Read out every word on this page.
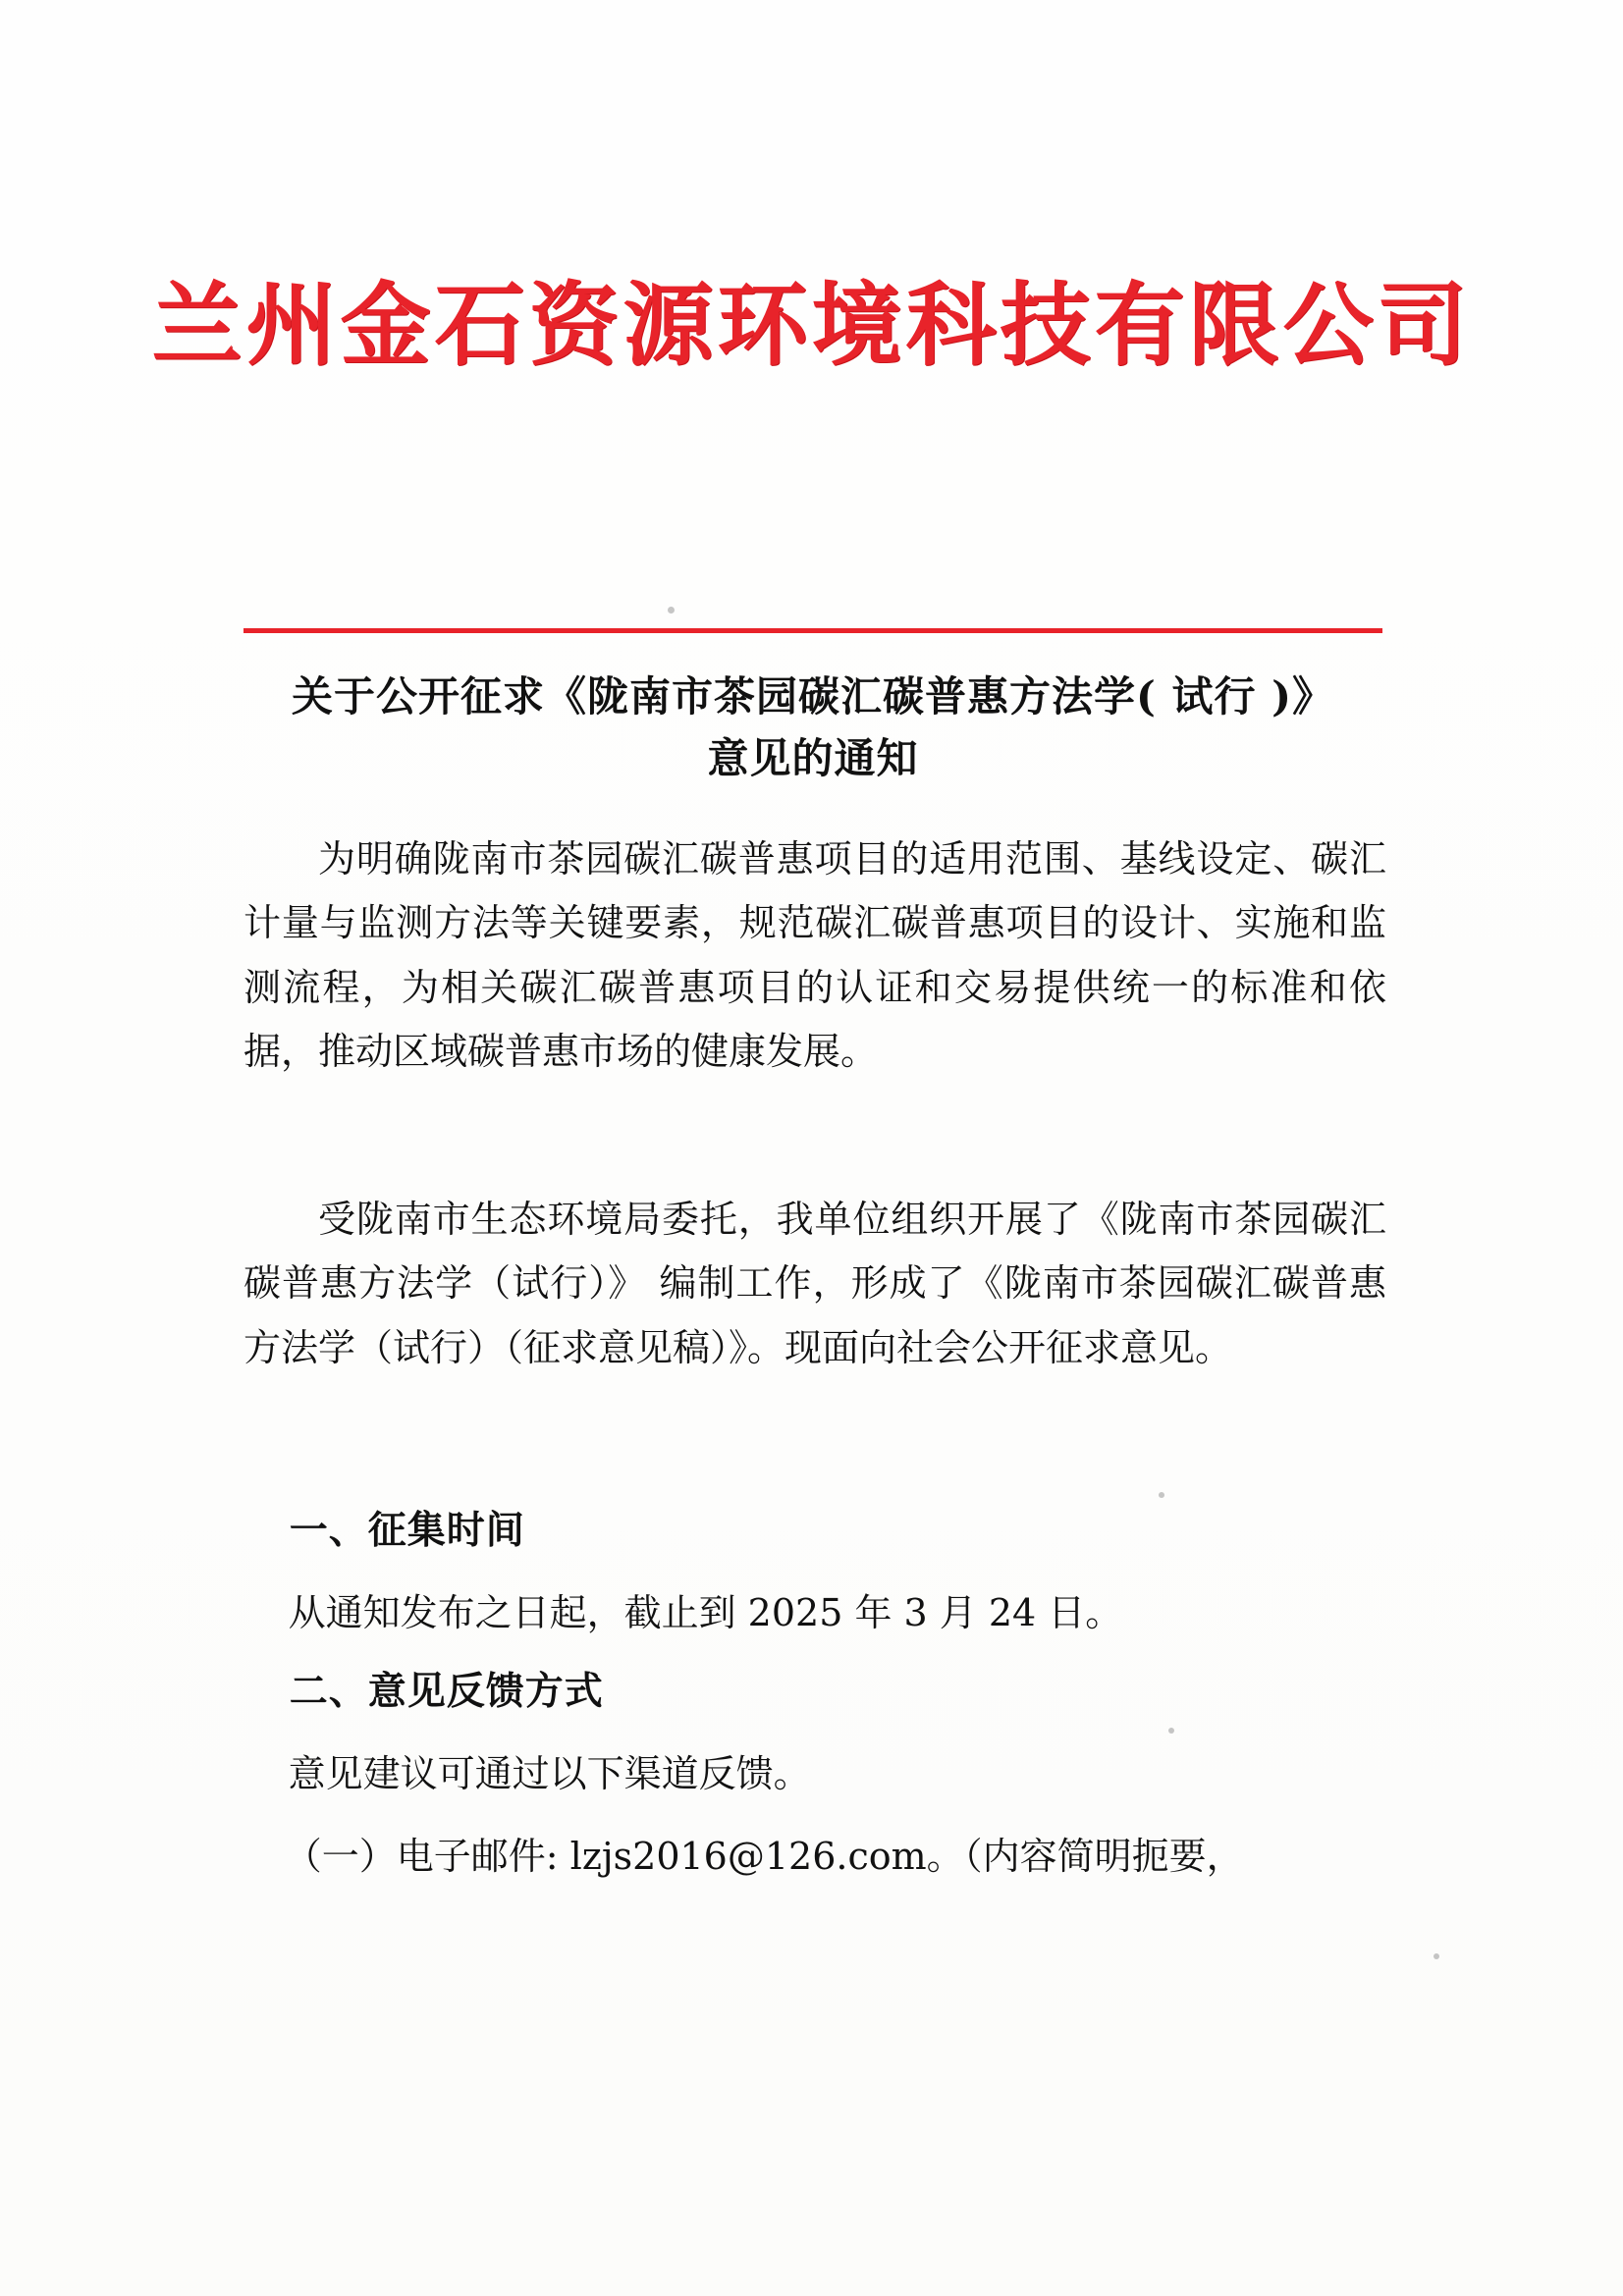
兰州金石资源环境科技有限公司
关于公开征求《陇南市茶园碳汇碳普惠方法学( 试行 )》
意见的通知
为明确陇南市茶园碳汇碳普惠项目的适用范围、基线设定、碳汇计量与监测方法等关键要素，规范碳汇碳普惠项目的设计、实施和监测流程，为相关碳汇碳普惠项目的认证和交易提供统一的标准和依据，推动区域碳普惠市场的健康发展。
受陇南市生态环境局委托，我单位组织开展了《陇南市茶园碳汇碳普惠方法学（试行）》 编制工作，形成了《陇南市茶园碳汇碳普惠方法学（试行）（征求意见稿）》。现面向社会公开征求意见。
一、征集时间
从通知发布之日起，截止到 2025 年 3 月 24 日。
二、意见反馈方式
意见建议可通过以下渠道反馈。
（一）电子邮件: lzjs2016@126.com。（内容简明扼要，
